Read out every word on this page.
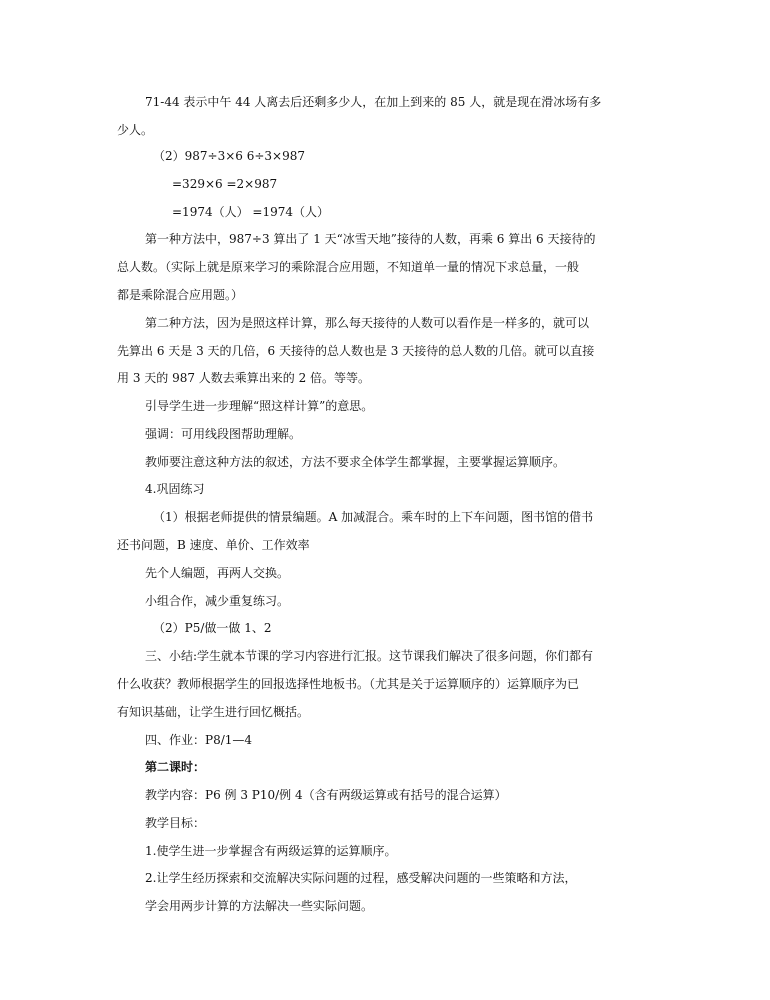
71-44 表示中午 44 人离去后还剩多少人，在加上到来的 85 人，就是现在滑冰场有多
少人。
（2）987÷3×6 6÷3×987
=329×6 =2×987
=1974（人） =1974（人）
第一种方法中，987÷3 算出了 1 天“冰雪天地”接待的人数，再乘 6 算出 6 天接待的
总人数。（实际上就是原来学习的乘除混合应用题，不知道单一量的情况下求总量，一般
都是乘除混合应用题。）
第二种方法，因为是照这样计算，那么每天接待的人数可以看作是一样多的，就可以
先算出 6 天是 3 天的几倍，6 天接待的总人数也是 3 天接待的总人数的几倍。就可以直接
用 3 天的 987 人数去乘算出来的 2 倍。等等。
引导学生进一步理解“照这样计算”的意思。
强调：可用线段图帮助理解。
教师要注意这种方法的叙述，方法不要求全体学生都掌握，主要掌握运算顺序。
4.巩固练习
（1）根据老师提供的情景编题。A 加减混合。乘车时的上下车问题，图书馆的借书
还书问题，B 速度、单价、工作效率
先个人编题，再两人交换。
小组合作，减少重复练习。
（2）P5/做一做 1、2
三、小结:学生就本节课的学习内容进行汇报。这节课我们解决了很多问题，你们都有
什么收获？教师根据学生的回报选择性地板书。（尤其是关于运算顺序的）运算顺序为已
有知识基础，让学生进行回忆概括。
四、作业：P8/1—4
第二课时：
教学内容：P6 例 3 P10/例 4（含有两级运算或有括号的混合运算）
教学目标：
1.使学生进一步掌握含有两级运算的运算顺序。
2.让学生经历探索和交流解决实际问题的过程，感受解决问题的一些策略和方法，
学会用两步计算的方法解决一些实际问题。
